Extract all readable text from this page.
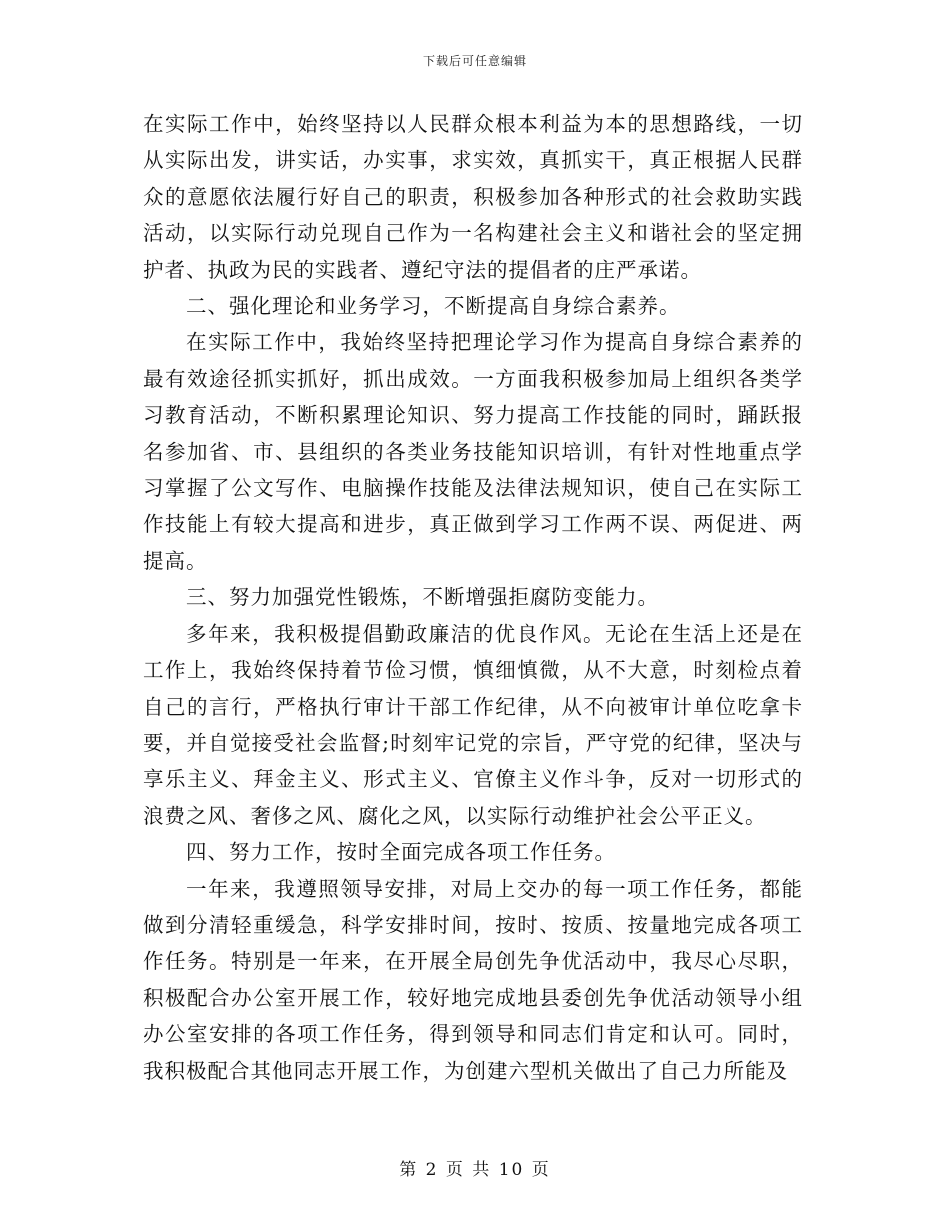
下载后可任意编辑

在实际工作中，始终坚持以人民群众根本利益为本的思想路线，一切从实际出发，讲实话，办实事，求实效，真抓实干，真正根据人民群众的意愿依法履行好自己的职责，积极参加各种形式的社会救助实践活动，以实际行动兑现自己作为一名构建社会主义和谐社会的坚定拥护者、执政为民的实践者、遵纪守法的提倡者的庄严承诺。

二、强化理论和业务学习，不断提高自身综合素养。

在实际工作中，我始终坚持把理论学习作为提高自身综合素养的最有效途径抓实抓好，抓出成效。一方面我积极参加局上组织各类学习教育活动，不断积累理论知识、努力提高工作技能的同时，踊跃报名参加省、市、县组织的各类业务技能知识培训，有针对性地重点学习掌握了公文写作、电脑操作技能及法律法规知识，使自己在实际工作技能上有较大提高和进步，真正做到学习工作两不误、两促进、两提高。

三、努力加强党性锻炼，不断增强拒腐防变能力。

多年来，我积极提倡勤政廉洁的优良作风。无论在生活上还是在工作上，我始终保持着节俭习惯，慎细慎微，从不大意，时刻检点着自己的言行，严格执行审计干部工作纪律，从不向被审计单位吃拿卡要，并自觉接受社会监督;时刻牢记党的宗旨，严守党的纪律，坚决与享乐主义、拜金主义、形式主义、官僚主义作斗争，反对一切形式的浪费之风、奢侈之风、腐化之风，以实际行动维护社会公平正义。

四、努力工作，按时全面完成各项工作任务。

一年来，我遵照领导安排，对局上交办的每一项工作任务，都能做到分清轻重缓急，科学安排时间，按时、按质、按量地完成各项工作任务。特别是一年来，在开展全局创先争优活动中，我尽心尽职，积极配合办公室开展工作，较好地完成地县委创先争优活动领导小组办公室安排的各项工作任务，得到领导和同志们肯定和认可。同时，我积极配合其他同志开展工作，为创建六型机关做出了自己力所能及

第 2 页 共 10 页
